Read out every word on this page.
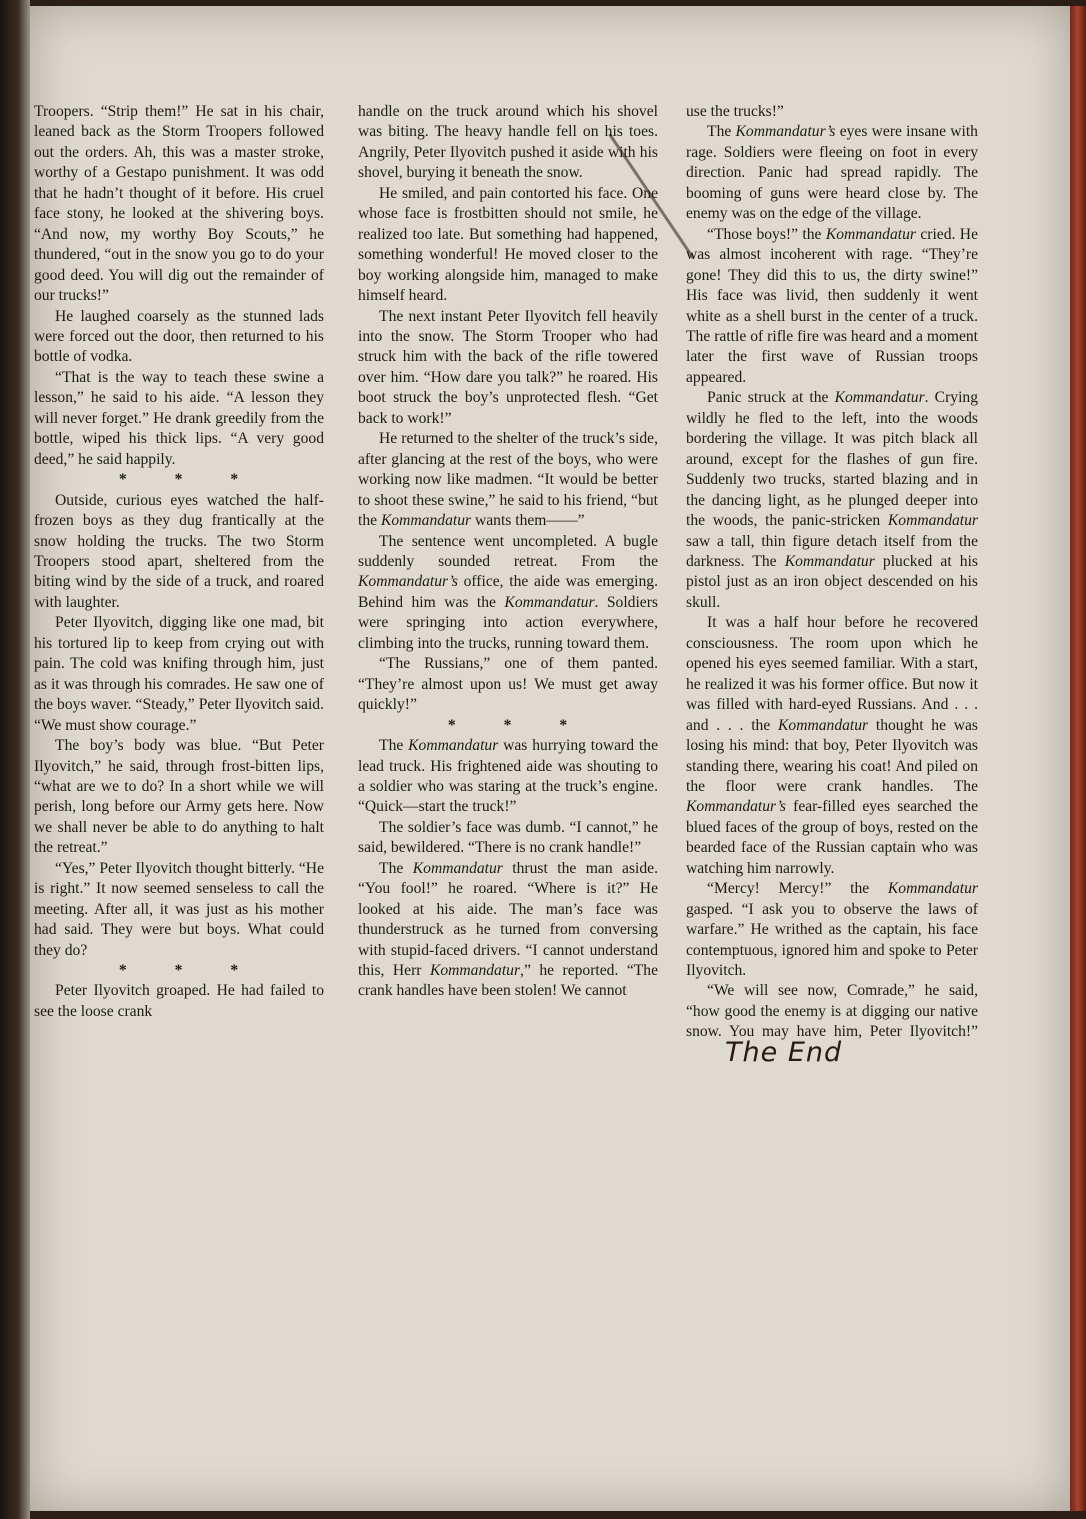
Troopers. “Strip them!” He sat in his chair, leaned back as the Storm Troopers followed out the orders. Ah, this was a master stroke, worthy of a Gestapo punishment. It was odd that he hadn’t thought of it before. His cruel face stony, he looked at the shivering boys. “And now, my worthy Boy Scouts,” he thundered, “out in the snow you go to do your good deed. You will dig out the remainder of our trucks!”

He laughed coarsely as the stunned lads were forced out the door, then returned to his bottle of vodka.

“That is the way to teach these swine a lesson,” he said to his aide. “A lesson they will never forget.” He drank greedily from the bottle, wiped his thick lips. “A very good deed,” he said happily.

* * *

Outside, curious eyes watched the half-frozen boys as they dug frantically at the snow holding the trucks. The two Storm Troopers stood apart, sheltered from the biting wind by the side of a truck, and roared with laughter.

Peter Ilyovitch, digging like one mad, bit his tortured lip to keep from crying out with pain. The cold was knifing through him, just as it was through his comrades. He saw one of the boys waver. “Steady,” Peter Ilyovitch said. “We must show courage.”

The boy’s body was blue. “But Peter Ilyovitch,” he said, through frost-bitten lips, “what are we to do? In a short while we will perish, long before our Army gets here. Now we shall never be able to do anything to halt the retreat.”

“Yes,” Peter Ilyovitch thought bitterly. “He is right.” It now seemed senseless to call the meeting. After all, it was just as his mother had said. They were but boys. What could they do?

* * *

Peter Ilyovitch groaped. He had failed to see the loose crank

handle on the truck around which his shovel was biting. The heavy handle fell on his toes. Angrily, Peter Ilyovitch pushed it aside with his shovel, burying it beneath the snow.

He smiled, and pain contorted his face. One whose face is frostbitten should not smile, he realized too late. But something had happened, something wonderful! He moved closer to the boy working alongside him, managed to make himself heard.

The next instant Peter Ilyovitch fell heavily into the snow. The Storm Trooper who had struck him with the back of the rifle towered over him. “How dare you talk?” he roared. His boot struck the boy’s unprotected flesh. “Get back to work!”

He returned to the shelter of the truck’s side, after glancing at the rest of the boys, who were working now like madmen. “It would be better to shoot these swine,” he said to his friend, “but the Kommandatur wants them——”

The sentence went uncompleted. A bugle suddenly sounded retreat. From the Kommandatur’s office, the aide was emerging. Behind him was the Kommandatur. Soldiers were springing into action everywhere, climbing into the trucks, running toward them.

“The Russians,” one of them panted. “They’re almost upon us! We must get away quickly!”

* * *

The Kommandatur was hurrying toward the lead truck. His frightened aide was shouting to a soldier who was staring at the truck’s engine. “Quick—start the truck!”

The soldier’s face was dumb. “I cannot,” he said, bewildered. “There is no crank handle!”

The Kommandatur thrust the man aside. “You fool!” he roared. “Where is it?” He looked at his aide. The man’s face was thunderstruck as he turned from conversing with stupid-faced drivers. “I cannot understand this, Herr Kommandatur,” he reported. “The crank handles have been stolen! We cannot

use the trucks!”

The Kommandatur’s eyes were insane with rage. Soldiers were fleeing on foot in every direction. Panic had spread rapidly. The booming of guns were heard close by. The enemy was on the edge of the village.

“Those boys!” the Kommandatur cried. He was almost incoherent with rage. “They’re gone! They did this to us, the dirty swine!” His face was livid, then suddenly it went white as a shell burst in the center of a truck. The rattle of rifle fire was heard and a moment later the first wave of Russian troops appeared.

Panic struck at the Kommandatur. Crying wildly he fled to the left, into the woods bordering the village. It was pitch black all around, except for the flashes of gun fire. Suddenly two trucks, started blazing and in the dancing light, as he plunged deeper into the woods, the panic-stricken Kommandatur saw a tall, thin figure detach itself from the darkness. The Kommandatur plucked at his pistol just as an iron object descended on his skull.

It was a half hour before he recovered consciousness. The room upon which he opened his eyes seemed familiar. With a start, he realized it was his former office. But now it was filled with hard-eyed Russians. And . . . and . . . the Kommandatur thought he was losing his mind: that boy, Peter Ilyovitch was standing there, wearing his coat! And piled on the floor were crank handles. The Kommandatur’s fear-filled eyes searched the blued faces of the group of boys, rested on the bearded face of the Russian captain who was watching him narrowly.

“Mercy! Mercy!” the Kommandatur gasped. “I ask you to observe the laws of warfare.” He writhed as the captain, his face contemptuous, ignored him and spoke to Peter Ilyovitch.

“We will see now, Comrade,” he said, “how good the enemy is at digging our native snow. You may have him, Peter Ilyovitch!”The End
